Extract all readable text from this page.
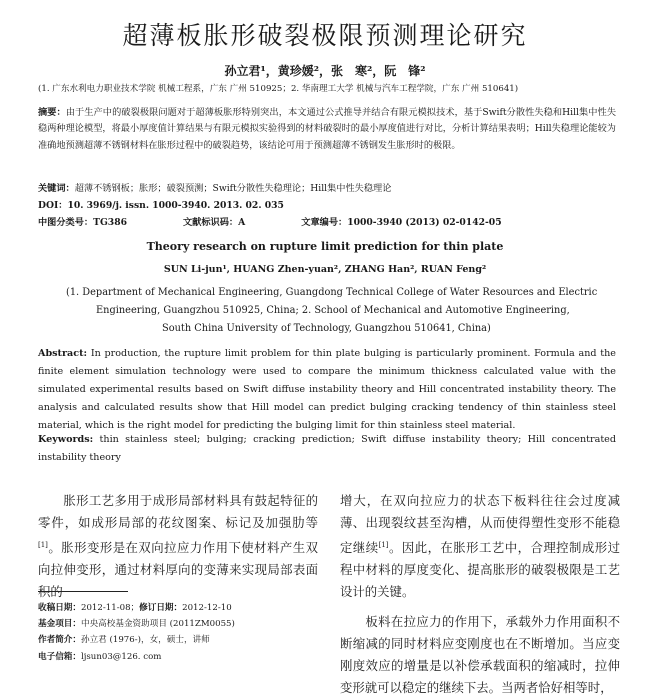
超薄板胀形破裂极限预测理论研究
孙立君¹，黄珍媛²，张　寒²，阮　锋²
(1. 广东水利电力职业技术学院 机械工程系，广东 广州 510925；2. 华南理工大学 机械与汽车工程学院，广东 广州 510641)
摘要：由于生产中的破裂极限问题对于超薄板胀形特别突出，本文通过公式推导并结合有限元模拟技术，基于Swift分散性失稳和Hill集中性失稳两种理论模型，将最小厚度值计算结果与有限元模拟实验得到的材料破裂时的最小厚度值进行对比，分析计算结果表明；Hill失稳理论能较为准确地预测超薄不锈钢材料在胀形过程中的破裂趋势，该结论可用于预测超薄不锈钢发生胀形时的极限。
关键词：超薄不锈钢板；胀形；破裂预测；Swift分散性失稳理论；Hill集中性失稳理论
DOI：10. 3969/j. issn. 1000-3940. 2013. 02. 035
中图分类号：TG386	文献标识码：A	文章编号：1000-3940 (2013) 02-0142-05
Theory research on rupture limit prediction for thin plate
SUN Li-jun¹, HUANG Zhen-yuan², ZHANG Han², RUAN Feng²
(1. Department of Mechanical Engineering, Guangdong Technical College of Water Resources and Electric
Engineering, Guangzhou 510925, China; 2. School of Mechanical and Automotive Engineering,
South China University of Technology, Guangzhou 510641, China)
Abstract: In production, the rupture limit problem for thin plate bulging is particularly prominent. Formula and the finite element simulation technology were used to compare the minimum thickness calculated value with the simulated experimental results based on Swift diffuse instability theory and Hill concentrated instability theory. The analysis and calculated results show that Hill model can predict bulging cracking tendency of thin stainless steel material, which is the right model for predicting the bulging limit for thin stainless steel material.
Keywords: thin stainless steel; bulging; cracking prediction; Swift diffuse instability theory; Hill concentrated instability theory
胀形工艺多用于成形局部材料具有鼓起特征的零件，如成形局部的花纹图案、标记及加强肋等[1]。胀形变形是在双向拉应力作用下使材料产生双向拉伸变形，通过材料厚向的变薄来实现局部表面积的
收稿日期：2012-11-08；修订日期：2012-12-10
基金项目：中央高校基金资助项目 (2011ZM0055)
作者简介：孙立君 (1976-)，女，硕士，讲师
电子信箱：ljsun03@126. com
增大，在双向拉应力的状态下板料往往会过度减薄、出现裂纹甚至沟槽，从而使得塑性变形不能稳定继续[1]。因此，在胀形工艺中，合理控制成形过程中材料的厚度变化、提高胀形的破裂极限是工艺设计的关键。
板料在拉应力的作用下，承载外力作用面积不断缩减的同时材料应变刚度也在不断增加。当应变刚度效应的增量是以补偿承载面积的缩减时，拉伸变形就可以稳定的继续下去。当两者恰好相等时，
